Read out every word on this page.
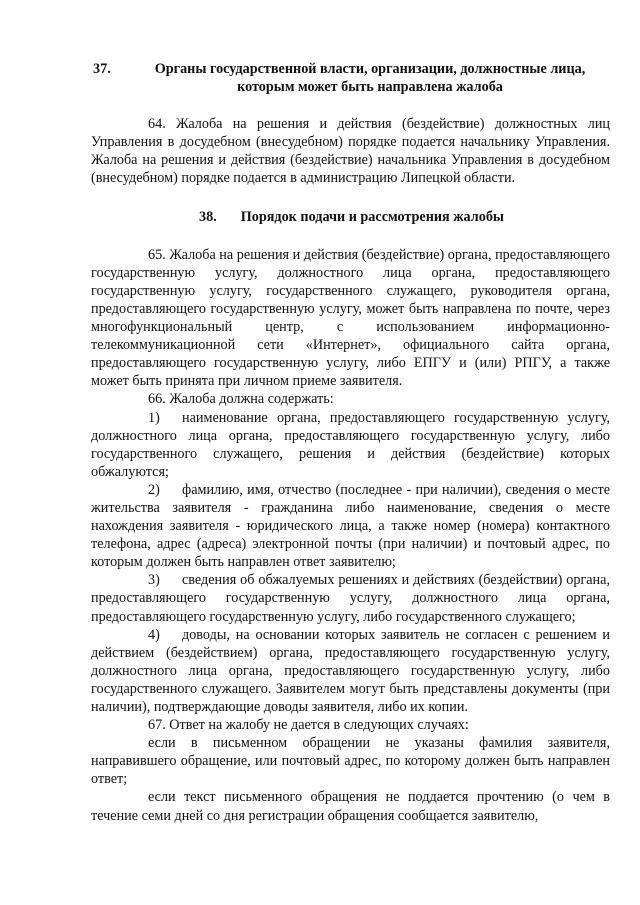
37.	Органы государственной власти, организации, должностные лица, которым может быть направлена жалоба

64. Жалоба на решения и действия (бездействие) должностных лиц Управления в досудебном (внесудебном) порядке подается начальнику Управления. Жалоба на решения и действия (бездействие) начальника Управления в досудебном (внесудебном) порядке подается в администрацию Липецкой области.

38.	Порядок подачи и рассмотрения жалобы

65. Жалоба на решения и действия (бездействие) органа, предоставляющего государственную услугу, должностного лица органа, предоставляющего государственную услугу, государственного служащего, руководителя органа, предоставляющего государственную услугу, может быть направлена по почте, через многофункциональный центр, с использованием информационно-телекоммуникационной сети «Интернет», официального сайта органа, предоставляющего государственную услугу, либо ЕПГУ и (или) РПГУ, а также может быть принята при личном приеме заявителя.

66. Жалоба должна содержать:

1) наименование органа, предоставляющего государственную услугу, должностного лица органа, предоставляющего государственную услугу, либо государственного служащего, решения и действия (бездействие) которых обжалуются;

2) фамилию, имя, отчество (последнее - при наличии), сведения о месте жительства заявителя - гражданина либо наименование, сведения о месте нахождения заявителя - юридического лица, а также номер (номера) контактного телефона, адрес (адреса) электронной почты (при наличии) и почтовый адрес, по которым должен быть направлен ответ заявителю;

3) сведения об обжалуемых решениях и действиях (бездействии) органа, предоставляющего государственную услугу, должностного лица органа, предоставляющего государственную услугу, либо государственного служащего;

4) доводы, на основании которых заявитель не согласен с решением и действием (бездействием) органа, предоставляющего государственную услугу, должностного лица органа, предоставляющего государственную услугу, либо государственного служащего. Заявителем могут быть представлены документы (при наличии), подтверждающие доводы заявителя, либо их копии.

67. Ответ на жалобу не дается в следующих случаях:

если в письменном обращении не указаны фамилия заявителя, направившего обращение, или почтовый адрес, по которому должен быть направлен ответ;

если текст письменного обращения не поддается прочтению (о чем в течение семи дней со дня регистрации обращения сообщается заявителю,
